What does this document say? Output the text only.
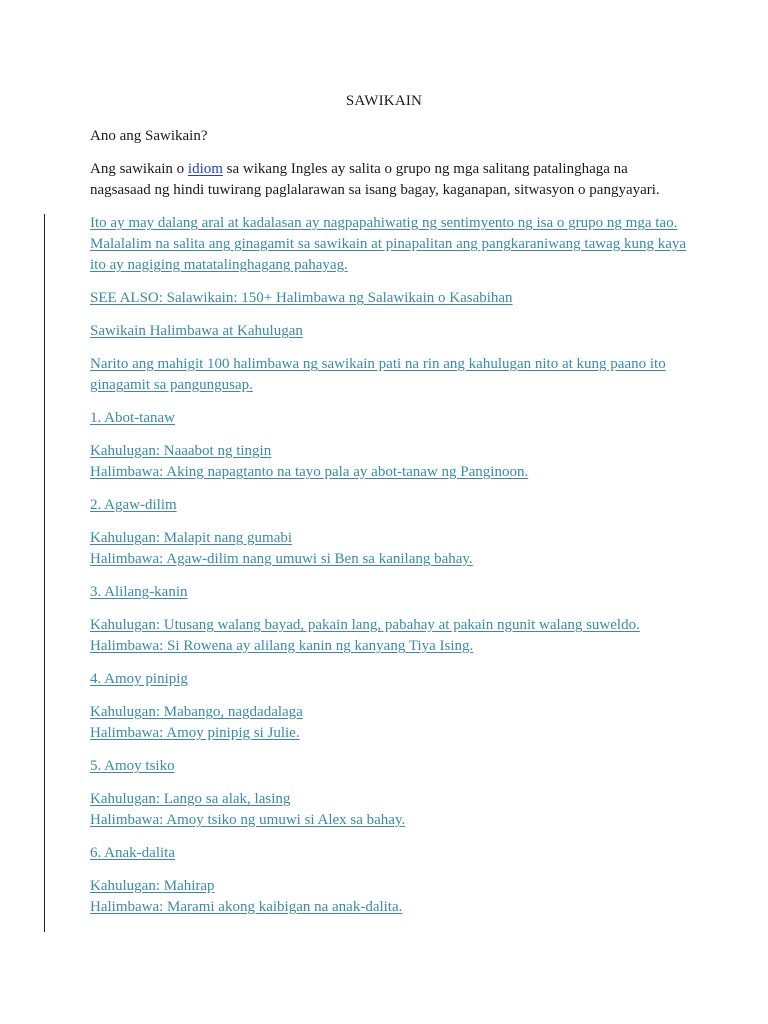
SAWIKAIN

Ano ang Sawikain?

Ang sawikain o idiom sa wikang Ingles ay salita o grupo ng mga salitang patalinghaga na nagsasaad ng hindi tuwirang paglalarawan sa isang bagay, kaganapan, sitwasyon o pangyayari.

Ito ay may dalang aral at kadalasan ay nagpapahiwatig ng sentimyento ng isa o grupo ng mga tao. Malalalim na salita ang ginagamit sa sawikain at pinapalitan ang pangkaraniwang tawag kung kaya ito ay nagiging matatalinghagang pahayag.

SEE ALSO: Salawikain: 150+ Halimbawa ng Salawikain o Kasabihan

Sawikain Halimbawa at Kahulugan

Narito ang mahigit 100 halimbawa ng sawikain pati na rin ang kahulugan nito at kung paano ito ginagamit sa pangungusap.

1. Abot-tanaw

Kahulugan: Naaabot ng tingin
Halimbawa: Aking napagtanto na tayo pala ay abot-tanaw ng Panginoon.

2. Agaw-dilim

Kahulugan: Malapit nang gumabi
Halimbawa: Agaw-dilim nang umuwi si Ben sa kanilang bahay.

3. Alilang-kanin

Kahulugan: Utusang walang bayad, pakain lang, pabahay at pakain ngunit walang suweldo.
Halimbawa: Si Rowena ay alilang kanin ng kanyang Tiya Ising.

4. Amoy pinipig

Kahulugan: Mabango, nagdadalaga
Halimbawa: Amoy pinipig si Julie.

5. Amoy tsiko

Kahulugan: Lango sa alak, lasing
Halimbawa: Amoy tsiko ng umuwi si Alex sa bahay.

6. Anak-dalita

Kahulugan: Mahirap
Halimbawa: Marami akong kaibigan na anak-dalita.
